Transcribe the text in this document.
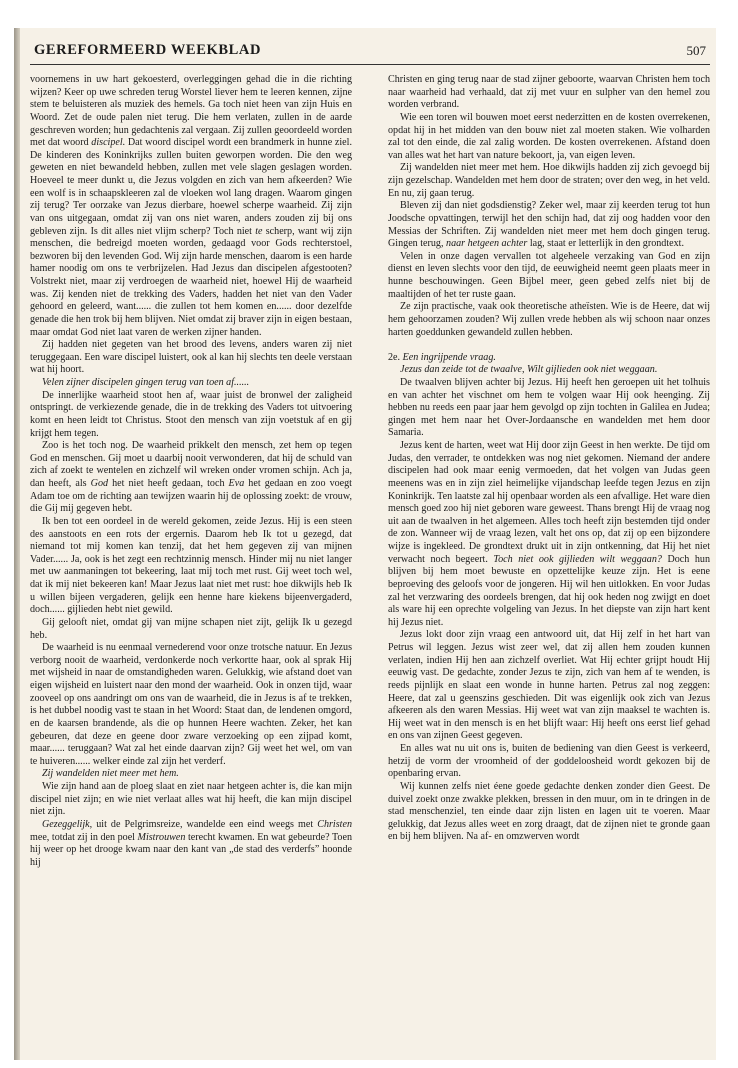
GEREFORMEERD WEEKBLAD	507

voornemens in uw hart gekoesterd, overleggingen gehad die in die richting wijzen? Keer op uwe schreden terug Worstel liever hem te leeren kennen, zijne stem te beluisteren als muziek des hemels. Ga toch niet heen van zijn Huis en Woord. Zet de oude palen niet terug. Die hem verlaten, zullen in de aarde geschreven worden; hun gedachtenis zal vergaan. Zij zullen geoordeeld worden met dat woord discipel. Dat woord discipel wordt een brandmerk in hunne ziel. De kinderen des Koninkrijks zullen buiten geworpen worden. Die den weg geweten en niet bewandeld hebben, zullen met vele slagen geslagen worden. Hoeveel te meer dunkt u, die Jezus volgden en zich van hem afkeerden? Wie een wolf is in schaapskleeren zal de vloeken wol lang dragen. Waarom gingen zij terug? Ter oorzake van Jezus dierbare, hoewel scherpe waarheid. Zij zijn van ons uitgegaan, omdat zij van ons niet waren, anders zouden zij bij ons gebleven zijn. Is dit alles niet vlijm scherp? Toch niet te scherp, want wij zijn menschen, die bedreigd moeten worden, gedaagd voor Gods rechterstoel, bezworen bij den levenden God. Wij zijn harde menschen, daarom is een harde hamer noodig om ons te verbrijzelen. Had Jezus dan discipelen afgestooten? Volstrekt niet, maar zij verdroegen de waarheid niet, hoewel Hij de waarheid was. Zij kenden niet de trekking des Vaders, hadden het niet van den Vader gehoord en geleerd, want...... die zullen tot hem komen en...... door dezelfde genade die hen trok bij hem blijven. Niet omdat zij braver zijn in eigen bestaan, maar omdat God niet laat varen de werken zijner handen.

Zij hadden niet gegeten van het brood des levens, anders waren zij niet teruggegaan. Een ware discipel luistert, ook al kan hij slechts ten deele verstaan wat hij hoort.

Velen zijner discipelen gingen terug van toen af......

De innerlijke waarheid stoot hen af, waar juist de bronwel der zaligheid ontspringt. de verkiezende genade, die in de trekking des Vaders tot uitvoering komt en heen leidt tot Christus. Stoot den mensch van zijn voetstuk af en gij krijgt hem tegen.

Zoo is het toch nog. De waarheid prikkelt den mensch, zet hem op tegen God en menschen. Gij moet u daarbij nooit verwonderen, dat hij de schuld van zich af zoekt te wentelen en zichzelf wil wreken onder vromen schijn. Ach ja, dan heeft, als God het niet heeft gedaan, toch Eva het gedaan en zoo voegt Adam toe om de richting aan tewijzen waarin hij de oplossing zoekt: de vrouw, die Gij mij gegeven hebt.

Ik ben tot een oordeel in de wereld gekomen, zeide Jezus. Hij is een steen des aanstoots en een rots der ergernis. Daarom heb Ik tot u gezegd, dat niemand tot mij komen kan tenzij, dat het hem gegeven zij van mijnen Vader...... Ja, ook is het zegt een rechtzinnig mensch. Hinder mij nu niet langer met uw aanmaningen tot bekeering, laat mij toch met rust. Gij weet toch wel, dat ik mij niet bekeeren kan! Maar Jezus laat niet met rust: hoe dikwijls heb Ik u willen bijeen vergaderen, gelijk een henne hare kiekens bijeenvergaderd, doch...... gijlieden hebt niet gewild.

Gij gelooft niet, omdat gij van mijne schapen niet zijt, gelijk Ik u gezegd heb.

De waarheid is nu eenmaal vernederend voor onze trotsche natuur. En Jezus verborg nooit de waarheid, verdonkerde noch verkortte haar, ook al sprak Hij met wijsheid in naar de omstandigheden waren. Gelukkig, wie afstand doet van eigen wijsheid en luistert naar den mond der waarheid. Ook in onzen tijd, waar zooveel op ons aandringt om ons van de waarheid, die in Jezus is af te trekken, is het dubbel noodig vast te staan in het Woord: Staat dan, de lendenen omgord, en de kaarsen brandende, als die op hunnen Heere wachten. Zeker, het kan gebeuren, dat deze en geene door zware verzoeking op een zijpad komt, maar...... teruggaan? Wat zal het einde daarvan zijn? Gij weet het wel, om van te huiveren...... welker einde zal zijn het verderf.

Zij wandelden niet meer met hem.

Wie zijn hand aan de ploeg slaat en ziet naar hetgeen achter is, die kan mijn discipel niet zijn; en wie niet verlaat alles wat hij heeft, die kan mijn discipel niet zijn.

Gezeggelijk, uit de Pelgrimsreize, wandelde een eind weegs met Christen mee, totdat zij in den poel Mistrouwen terecht kwamen. En wat gebeurde? Toen hij weer op het drooge kwam naar den kant van „de stad des verderfs” hoonde hij

Christen en ging terug naar de stad zijner geboorte, waarvan Christen hem toch naar waarheid had verhaald, dat zij met vuur en sulpher van den hemel zou worden verbrand.

Wie een toren wil bouwen moet eerst nederzitten en de kosten overrekenen, opdat hij in het midden van den bouw niet zal moeten staken. Wie volharden zal tot den einde, die zal zalig worden. De kosten overrekenen. Afstand doen van alles wat het hart van nature bekoort, ja, van eigen leven.

Zij wandelden niet meer met hem. Hoe dikwijls hadden zij zich gevoegd bij zijn gezelschap. Wandelden met hem door de straten; over den weg, in het veld. En nu, zij gaan terug.

Bleven zij dan niet godsdienstig? Zeker wel, maar zij keerden terug tot hun Joodsche opvattingen, terwijl het den schijn had, dat zij oog hadden voor den Messias der Schriften. Zij wandelden niet meer met hem doch gingen terug. Gingen terug, naar hetgeen achter lag, staat er letterlijk in den grondtext.

Velen in onze dagen vervallen tot algeheele verzaking van God en zijn dienst en leven slechts voor den tijd, de eeuwigheid neemt geen plaats meer in hunne beschouwingen. Geen Bijbel meer, geen gebed zelfs niet bij de maaltijden of het ter ruste gaan.

Ze zijn practische, vaak ook theoretische atheïsten. Wie is de Heere, dat wij hem gehoorzamen zouden? Wij zullen vrede hebben als wij schoon naar onzes harten goeddunken gewandeld zullen hebben.

2e. Een ingrijpende vraag.

Jezus dan zeide tot de twaalve, Wilt gijlieden ook niet weggaan.

De twaalven blijven achter bij Jezus. Hij heeft hen geroepen uit het tolhuis en van achter het vischnet om hem te volgen waar Hij ook heenging. Zij hebben nu reeds een paar jaar hem gevolgd op zijn tochten in Galilea en Judea; gingen met hem naar het Over-Jordaansche en wandelden met hem door Samaria.

Jezus kent de harten, weet wat Hij door zijn Geest in hen werkte. De tijd om Judas, den verrader, te ontdekken was nog niet gekomen. Niemand der andere discipelen had ook maar eenig vermoeden, dat het volgen van Judas geen meenens was en in zijn ziel heimelijke vijandschap leefde tegen Jezus en zijn Koninkrijk. Ten laatste zal hij openbaar worden als een afvallige. Het ware dien mensch goed zoo hij niet geboren ware geweest. Thans brengt Hij de vraag nog uit aan de twaalven in het algemeen. Alles toch heeft zijn bestemden tijd onder de zon. Wanneer wij de vraag lezen, valt het ons op, dat zij op een bijzondere wijze is ingekleed. De grondtext drukt uit in zijn ontkenning, dat Hij het niet verwacht noch begeert. Toch niet ook gijlieden wilt weggaan? Doch hun blijven bij hem moet bewuste en opzettelijke keuze zijn. Het is eene beproeving des geloofs voor de jongeren. Hij wil hen uitlokken. En voor Judas zal het verzwaring des oordeels brengen, dat hij ook heden nog zwijgt en doet als ware hij een oprechte volgeling van Jezus. In het diepste van zijn hart kent hij Jezus niet.

Jezus lokt door zijn vraag een antwoord uit, dat Hij zelf in het hart van Petrus wil leggen. Jezus wist zeer wel, dat zij allen hem zouden kunnen verlaten, indien Hij hen aan zichzelf overliet. Wat Hij echter grijpt houdt Hij eeuwig vast. De gedachte, zonder Jezus te zijn, zich van hem af te wenden, is reeds pijnlijk en slaat een wonde in hunne harten. Petrus zal nog zeggen: Heere, dat zal u geenszins geschieden. Dit was eigenlijk ook zich van Jezus afkeeren als den waren Messias. Hij weet wat van zijn maaksel te wachten is. Hij weet wat in den mensch is en het blijft waar: Hij heeft ons eerst lief gehad en ons van zijnen Geest gegeven.

En alles wat nu uit ons is, buiten de bediening van dien Geest is verkeerd, hetzij de vorm der vroomheid of der goddeloosheid wordt gekozen bij de openbaring ervan.

Wij kunnen zelfs niet éene goede gedachte denken zonder dien Geest. De duivel zoekt onze zwakke plekken, bressen in den muur, om in te dringen in de stad menschenziel, ten einde daar zijn listen en lagen uit te voeren. Maar gelukkig, dat Jezus alles weet en zorg draagt, dat de zijnen niet te gronde gaan en bij hem blijven. Na af- en omzwerven wordt
